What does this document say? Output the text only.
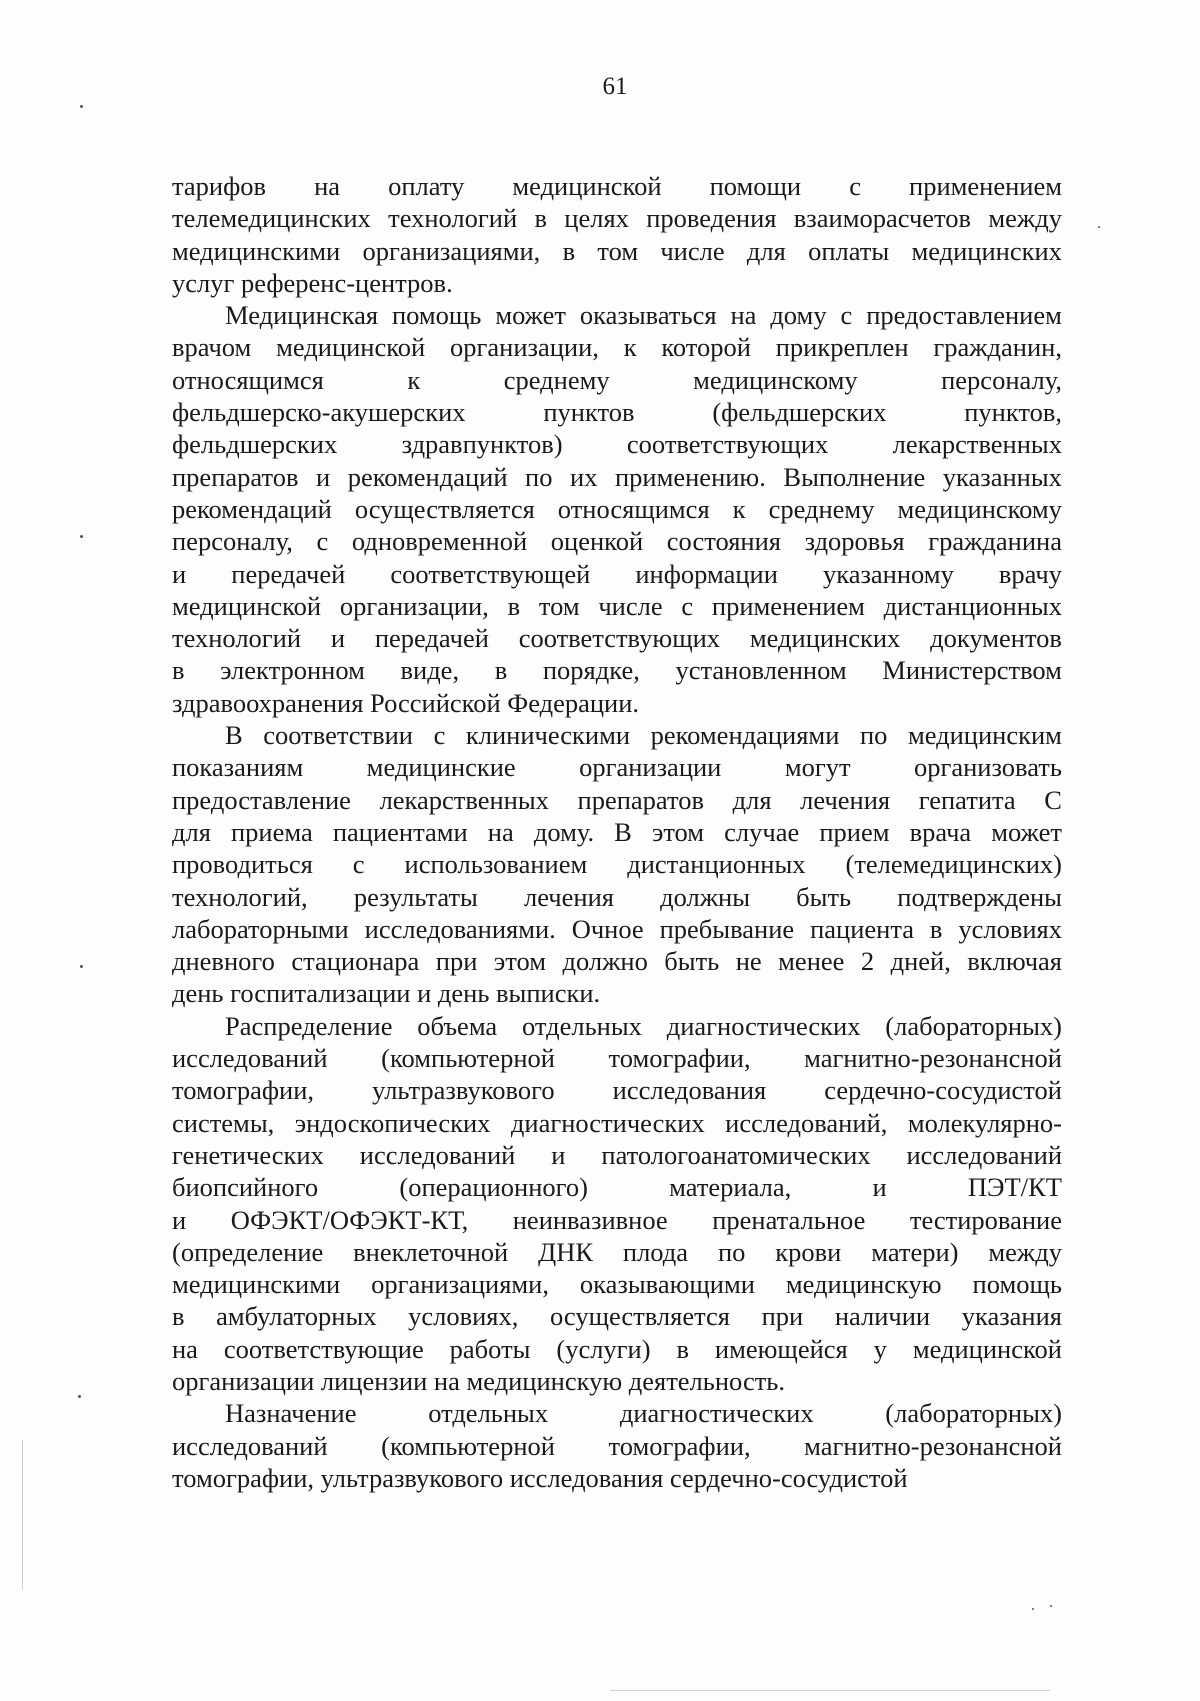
61
тарифов на оплату медицинской помощи с применением
телемедицинских технологий в целях проведения взаиморасчетов между
медицинскими организациями, в том числе для оплаты медицинских
услуг референс-центров.
Медицинская помощь может оказываться на дому с предоставлением
врачом медицинской организации, к которой прикреплен гражданин,
относящимся	к	среднему	медицинскому	персоналу,
фельдшерско-акушерских	пунктов	(фельдшерских	пунктов,
фельдшерских здравпунктов) соответствующих лекарственных
препаратов и рекомендаций по их применению. Выполнение указанных
рекомендаций осуществляется относящимся к среднему медицинскому
персоналу, с одновременной оценкой состояния здоровья гражданина
и передачей соответствующей информации указанному врачу
медицинской организации, в том числе с применением дистанционных
технологий и передачей соответствующих медицинских документов
в электронном виде, в порядке, установленном Министерством
здравоохранения Российской Федерации.
В соответствии с клиническими рекомендациями по медицинским
показаниям медицинские организации могут организовать
предоставление лекарственных препаратов для лечения гепатита С
для приема пациентами на дому. В этом случае прием врача может
проводиться с использованием дистанционных (телемедицинских)
технологий, результаты лечения должны быть подтверждены
лабораторными исследованиями. Очное пребывание пациента в условиях
дневного стационара при этом должно быть не менее 2 дней, включая
день госпитализации и день выписки.
Распределение объема отдельных диагностических (лабораторных)
исследований (компьютерной томографии, магнитно-резонансной
томографии, ультразвукового исследования сердечно-сосудистой
системы, эндоскопических диагностических исследований, молекулярно-
генетических исследований и патологоанатомических исследований
биопсийного	(операционного)	материала,	и	ПЭТ/КТ
и ОФЭКТ/ОФЭКТ-КТ, неинвазивное пренатальное тестирование
(определение внеклеточной ДНК плода по крови матери) между
медицинскими организациями, оказывающими медицинскую помощь
в амбулаторных условиях, осуществляется при наличии указания
на соответствующие работы (услуги) в имеющейся у медицинской
организации лицензии на медицинскую деятельность.
Назначение	отдельных	диагностических	(лабораторных)
исследований (компьютерной томографии, магнитно-резонансной
томографии, ультразвукового исследования сердечно-сосудистой
